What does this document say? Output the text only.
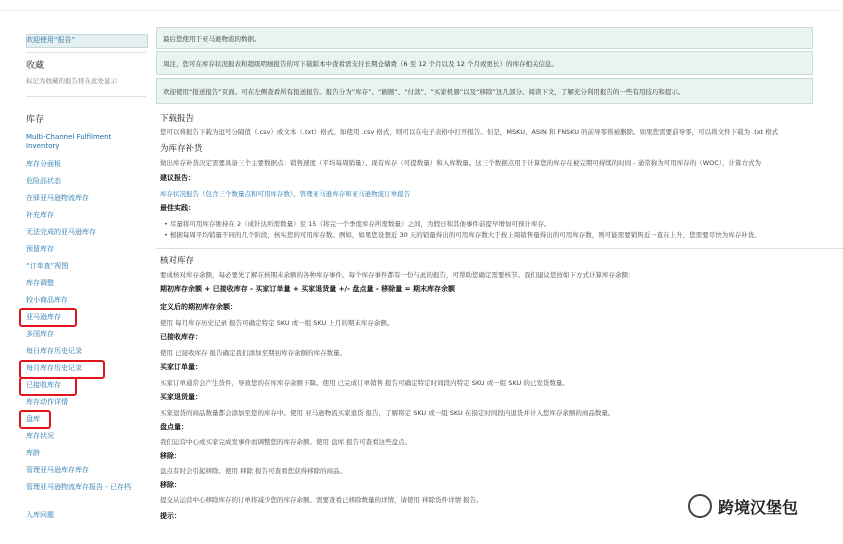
欢迎使用“报告”
收藏
标记为收藏的报告将在此处显示
库存
Multi-Channel Fulfilment Inventory
库存分面板
危险品状态
在驿亚马逊物流库存
补充库存
无法完成的亚马逊库存
预留库存
“订单查”视图
库存调整
较小商品库存
亚马逊库存
多国库存
每日库存历史记录
每月库存历史记录
已接收库存
库存动作详情
盘库
库存状况
库龄
管理亚马逊库存库存
管理亚马逊物流库存报告 - 已存档
入库问题
最后您使用于亚马逊物流的数据。
周注，您可在库存状况报表和超级明细报告的可下载版本中查看需支付长期仓储费（6 至 12 个月以及 12 个月或更长）的库存相关信息。
欢迎使用“报送报告”页面。可在左侧查看所有报送报告。报告分为“库存”、“刷题”、“付款”、“买家机器”以及“移除”这几部分。阅读下文，了解充分利用报告的一些有用技巧和提示。
下载报告
您可以将报告下载为逗号分隔值（.csv）或文本（.txt）格式。如使用 .csv 格式，则可以在电子表格中打开报告。但是，MSKU、ASIN 和 FNSKU 的前导零将被删除。如果您需要前导零，可以将文件下载为 .txt 格式
为库存补货
做出库存补货决定需要具备三个主要数据点：销售速度（平均每周销量）、现有库存（可提数量）和入库数量。这三个数据点用于计算您的库存在被完期可持续的时间 - 通常称为可用库存的（WOC），计算方式为
建议报告：
库存状况报告（包含三个数量点和可用库存数）、管理亚马逊库存和亚马逊物流订单报告
最佳实践：
• 尽量将可用库存维持在 2（成针达所需数量）至 15（将完一个季度库存所需数量）之间，为假日和其他事件前提早增加可预计库存。
• 根据每周平均销量不同的几个阶段，核实您的可用库存数。例如，如果您设想近 30 天的销量得出的可用库存数大于按上周销售量得出的可用库存数，则可能需要销售近一直在上升，您需要尽快为库存补货。
核对库存
要成核对库存余额，每必要先了解在核期末余额的各种库存事件。每个库存事件都有一份与此的报告，可帮助您确定需要核节。我们建议您按如下方式计算库存余额：
期初库存余额 + 已接收库存 - 买家订单量 + 买家退货量 +/- 盘点量 - 移除量 = 期末库存余额
定义后的期初库存余额：
使用 每月库存历史记录 报告可确定特定 SKU 或一组 SKU 上月的期末库存余额。
已接收库存：
使用 已接收库存 报告确定我们添加至期初库存余额的库存数量。
买家订单量：
买家订单通常会产生货件，导致您的在库库存余额下降。使用 已完成订单销售 报告可确定特定时间段内特定 SKU 或一组 SKU 的已发货数量。
买家退货量：
买家退货的商品数量都会添加至您的库存中。使用 亚马逊物流买家退货 报告，了解将定 SKU 或一组 SKU 在指定时间段内退货并计入您库存余额的商品数量。
盘点量：
我们运营中心或买家完成发事件而调整您的库存余额。使用 盘库 报告可查看这些盘点。
移除：
盘点有时会引起移除。使用 移除 报告可查看您获得移除的商品。
移除：
提交从运营中心移除库存的订单将减少您的库存余额。需要查看已移除数量的详情，请使用 移除货件详情 报告。
提示：	跨境汉堡包
